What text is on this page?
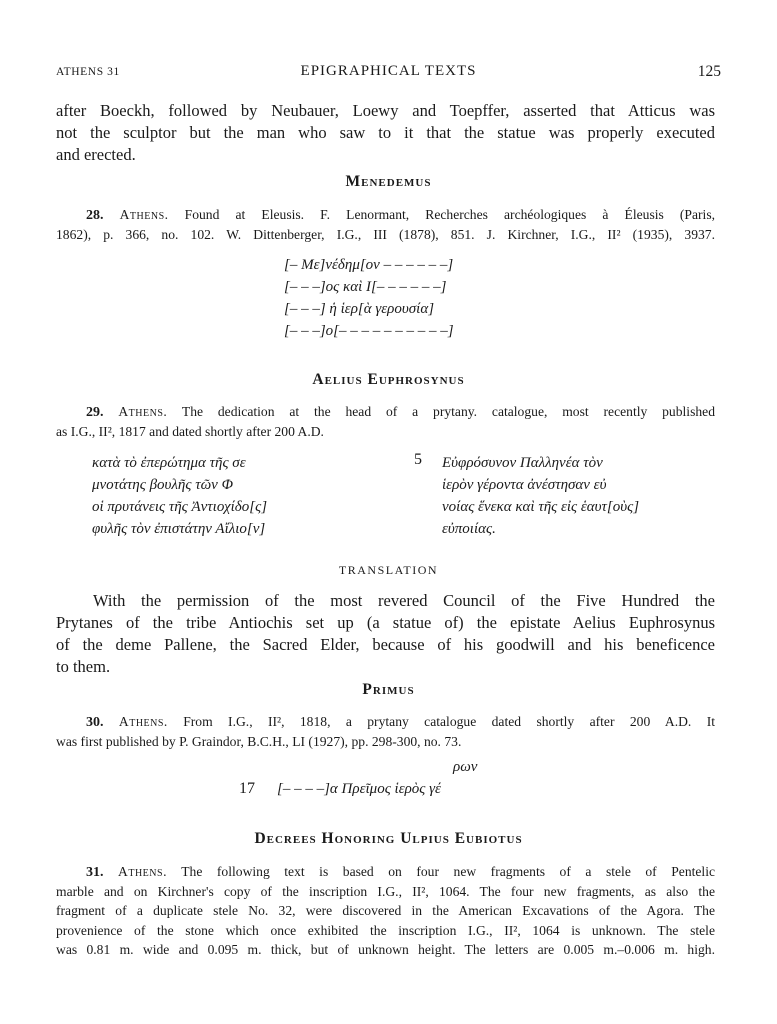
ATHENS 31	EPIGRAPHICAL TEXTS	125

after Boeckh, followed by Neubauer, Loewy and Toepffer, asserted that Atticus was
not the sculptor but the man who saw to it that the statue was properly executed
and erected.
Menedemus
28. Athens. Found at Eleusis. F. Lenormant, Recherches archéologiques à Éleusis (Paris,
1862), p. 366, no. 102. W. Dittenberger, I.G., III (1878), 851. J. Kirchner, I.G., II² (1935), 3937.
[– Με]νέδημ[ον – – – – – –]
[– – –]ος καὶ Ι[– – – – – –]
[– – –] ἡ ἱερ[ὰ γερουσία]
[– – –]ο[– – – – – – – – – –]
Aelius Euphrosynus
29. Athens. The dedication at the head of a prytany. catalogue, most recently published
as I.G., II², 1817 and dated shortly after 200 A.D.
κατὰ τὸ ἐπερώτημα τῆς σε
μνοτάτης βουλῆς τῶν Φ
οἱ πρυτάνεις τῆς Ἀντιοχίδο[ς]
φυλῆς τὸν ἐπιστάτην Αἴλιο[ν]

5 Εὐφρόσυνον Παλληνέα τὸν
ἱερὸν γέροντα ἀνέστησαν εὐ
νοίας ἕνεκα καὶ τῆς εἰς ἑαυτ[οὺς]
εὐποιίας.

TRANSLATION

With the permission of the most revered Council of the Five Hundred the
Prytanes of the tribe Antiochis set up (a statue of) the epistate Aelius Euphrosynus
of the deme Pallene, the Sacred Elder, because of his goodwill and his beneficence
to them.
Primus
30. Athens. From I.G., II², 1818, a prytany catalogue dated shortly after 200 A.D. It
was first published by P. Graindor, B.C.H., LI (1927), pp. 298-300, no. 73.

ρων

17 [– – – –]α Πρεῖμος ἱερὸς γέ

Decrees Honoring Ulpius Eubiotus
31. Athens. The following text is based on four new fragments of a stele of Pentelic
marble and on Kirchner's copy of the inscription I.G., II², 1064. The four new fragments, as also the
fragment of a duplicate stele No. 32, were discovered in the American Excavations of the Agora. The
provenience of the stone which once exhibited the inscription I.G., II², 1064 is unknown. The stele
was 0.81 m. wide and 0.095 m. thick, but of unknown height. The letters are 0.005 m.–0.006 m. high.
